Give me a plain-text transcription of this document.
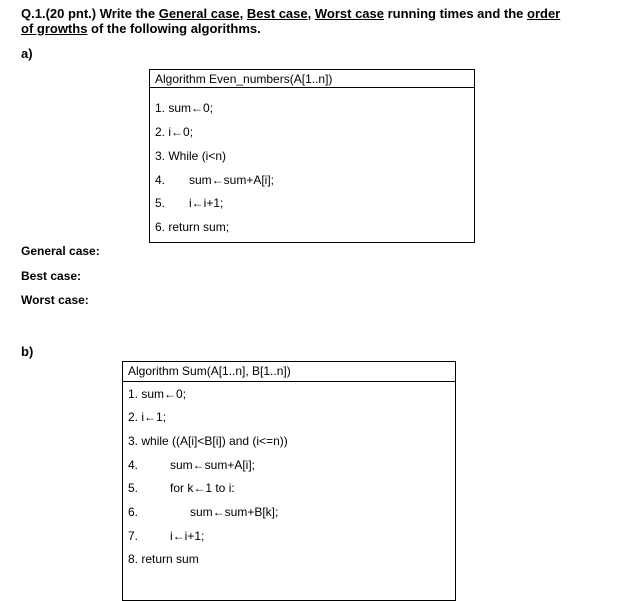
Q.1.(20 pnt.) Write the General case, Best case, Worst case running times and the order
of growths of the following algorithms.
a)
Algorithm Even_numbers(A[1..n])
1. sum←0;
2. i←0;
3. While (i<n)
4. sum←sum+A[i];
5. i←i+1;
6. return sum;
General case:
Best case:
Worst case:
b)
Algorithm Sum(A[1..n], B[1..n])
1. sum←0;
2. i←1;
3. while ((A[i]<B[i]) and (i<=n))
4.	sum←sum+A[i];
5.	for k←1 to i:
6.	sum←sum+B[k];
7.	i←i+1;
8. return sum
